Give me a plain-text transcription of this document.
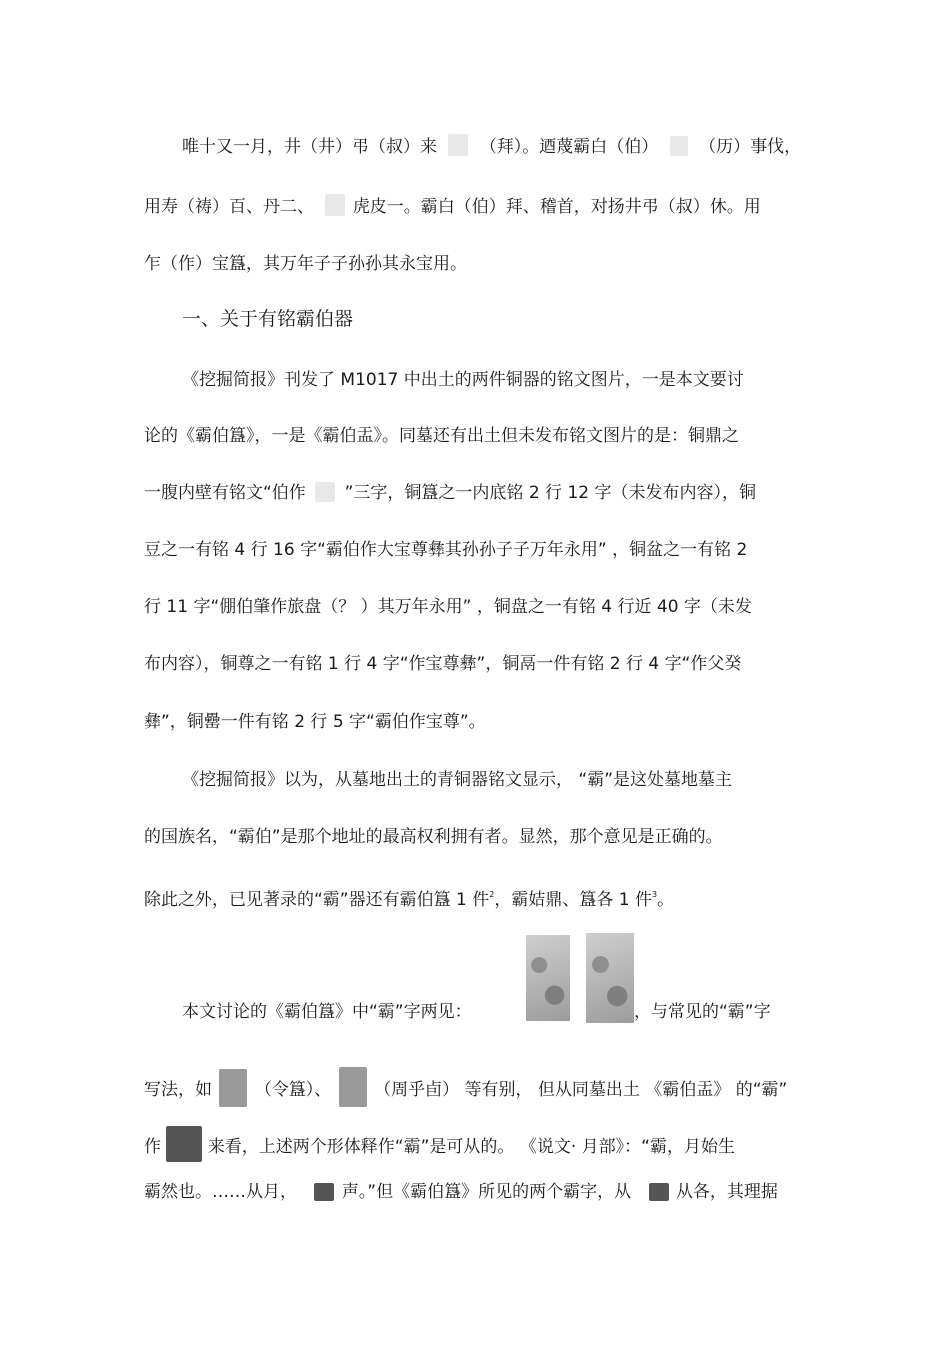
唯十又一月，井（井）弔（叔）来	（拜）。迺蔑霸白（伯） （历）事伐，
用寿（祷）百、丹二、 虎皮一。霸白（伯）拜、稽首，对扬井弔（叔）休。用
乍（作）宝簋，其万年子子孙孙其永宝用。
一、关于有铭霸伯器
《挖掘简报》刊发了 M1017 中出土的两件铜器的铭文图片，一是本文要讨
论的《霸伯簋》，一是《霸伯盂》。同墓还有出土但未发布铭文图片的是：铜鼎之
一腹内壁有铭文“伯作 ”三字，铜簋之一内底铭 2 行 12 字（未发布内容），铜
豆之一有铭 4 行 16 字“霸伯作大宝尊彝其孙孙子子万年永用” ，铜盆之一有铭 2
行 11 字“倗伯肇作旅盘（？ ）其万年永用” ，铜盘之一有铭 4 行近 40 字（未发
布内容），铜尊之一有铭 1 行 4 字“作宝尊彝”，铜鬲一件有铭 2 行 4 字“作父癸
彝”，铜罍一件有铭 2 行 5 字“霸伯作宝尊”。
《挖掘简报》以为，从墓地出土的青铜器铭文显示， “霸”是这处墓地墓主
的国族名，“霸伯”是那个地址的最高权利拥有者。显然，那个意见是正确的。
除此之外，已见著录的“霸”器还有霸伯簋 1 件$^2$，霸姞鼎、簋各 1 件$^3$。
本文讨论的《霸伯簋》中“霸”字两见：	，与常见的“霸”字
写法，如	（令簋）、	（周乎卣） 等有别， 但从同墓出土 《霸伯盂》 的“霸”
作	来看，上述两个形体释作“霸”是可从的。 《说文· 月部》：“霸，月始生
霸然也。……从月，	声。”但《霸伯簋》所见的两个霸字，从	从各，其理据
